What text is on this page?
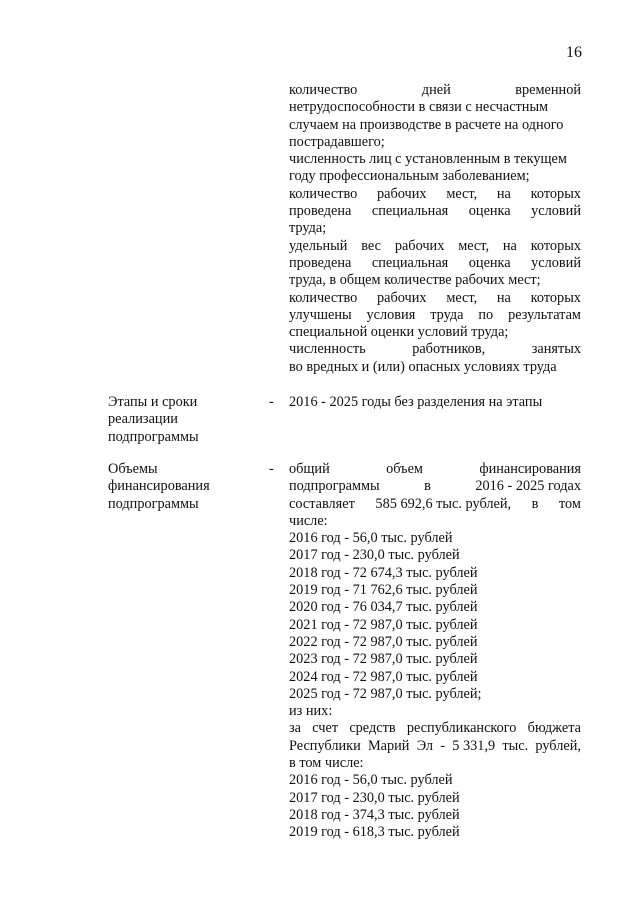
16
количество	дней	временной
нетрудоспособности в связи с несчастным
случаем на производстве в расчете на одного
пострадавшего;
численность лиц с установленным в текущем
году профессиональным заболеванием;
количество рабочих мест, на которых
проведена специальная оценка условий
труда;
удельный вес рабочих мест, на которых
проведена специальная оценка условий
труда, в общем количестве рабочих мест;
количество рабочих мест, на которых
улучшены условия труда по результатам
специальной оценки условий труда;
численность	работников,	занятых
во вредных и (или) опасных условиях труда
Этапы и сроки
реализации
подпрограммы
- 2016 - 2025 годы без разделения на этапы
Объемы
финансирования
подпрограммы
- общий	объем	финансирования
подпрограммы	в	2016 - 2025 годах
составляет 585 692,6 тыс. рублей, в том
числе:
2016 год - 56,0 тыс. рублей
2017 год - 230,0 тыс. рублей
2018 год - 72 674,3 тыс. рублей
2019 год - 71 762,6 тыс. рублей
2020 год - 76 034,7 тыс. рублей
2021 год - 72 987,0 тыс. рублей
2022 год - 72 987,0 тыс. рублей
2023 год - 72 987,0 тыс. рублей
2024 год - 72 987,0 тыс. рублей
2025 год - 72 987,0 тыс. рублей;
из них:
за счет средств республиканского бюджета
Республики Марий Эл - 5 331,9 тыс. рублей,
в том числе:
2016 год - 56,0 тыс. рублей
2017 год - 230,0 тыс. рублей
2018 год - 374,3 тыс. рублей
2019 год - 618,3 тыс. рублей
